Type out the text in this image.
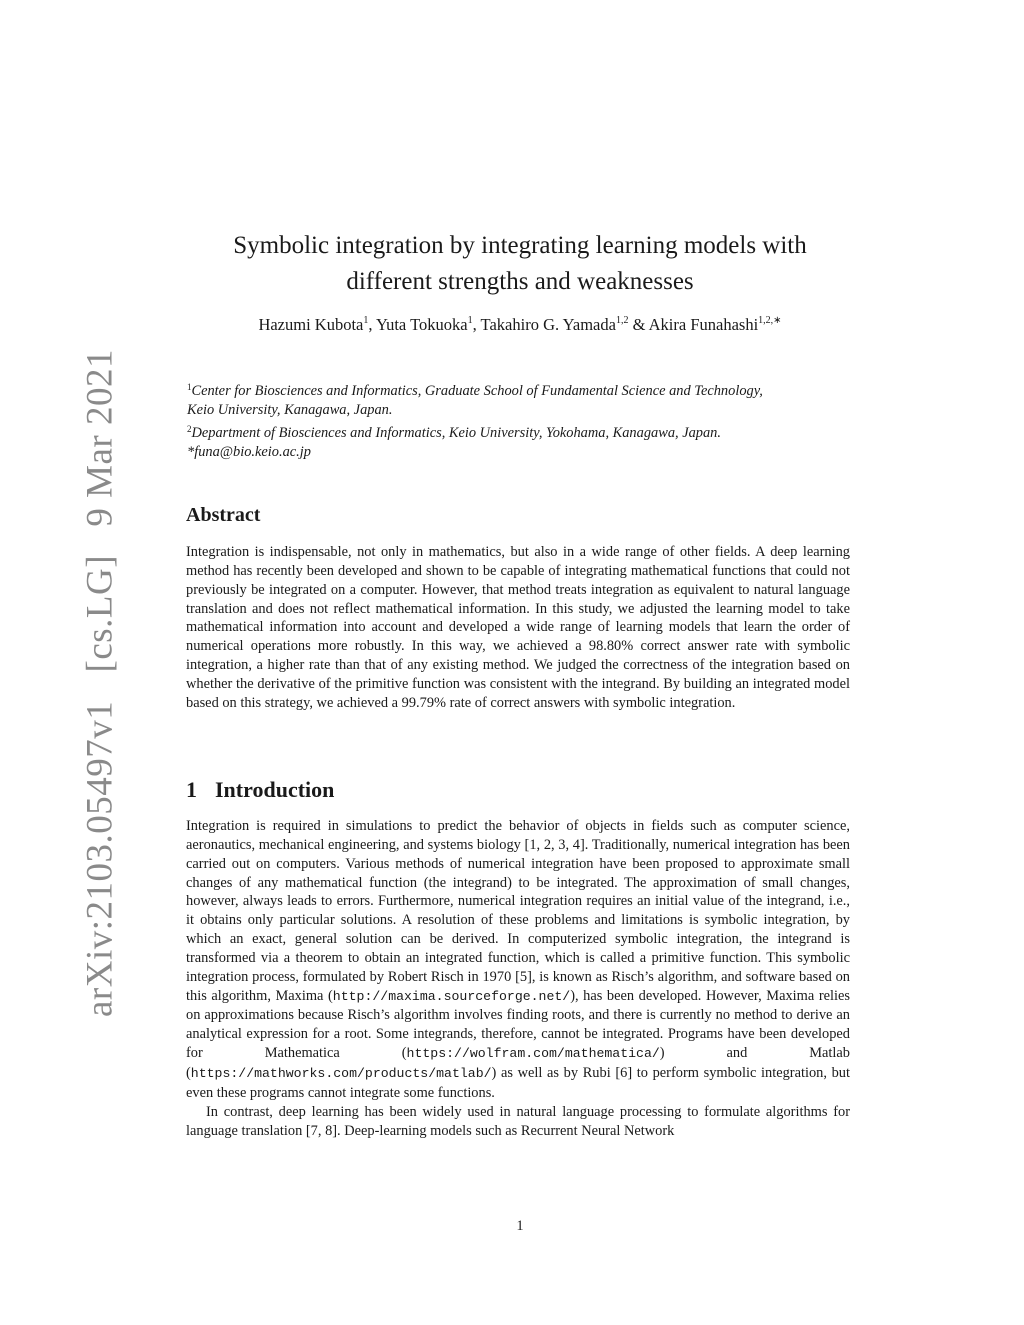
arXiv:2103.05497v1 [cs.LG] 9 Mar 2021
Symbolic integration by integrating learning models with
different strengths and weaknesses
Hazumi Kubota$^1$, Yuta Tokuoka$^1$, Takahiro G. Yamada$^{1,2}$ & Akira Funahashi$^{1,2,∗}$
$^1$Center for Biosciences and Informatics, Graduate School of Fundamental Science and Technology,
Keio University, Kanagawa, Japan.
$^2$Department of Biosciences and Informatics, Keio University, Yokohama, Kanagawa, Japan.
*funa@bio.keio.ac.jp
Abstract

Integration is indispensable, not only in mathematics, but also in a wide range of other fields. A deep learning method has recently been developed and shown to be capable of integrating mathematical functions that could not previously be integrated on a computer. However, that method treats integration as equivalent to natural language translation and does not reflect mathematical information. In this study, we adjusted the learning model to take mathematical information into account and developed a wide range of learning models that learn the order of numerical operations more robustly. In this way, we achieved a 98.80% correct answer rate with symbolic integration, a higher rate than that of any existing method. We judged the correctness of the integration based on whether the derivative of the primitive function was consistent with the integrand. By building an integrated model based on this strategy, we achieved a 99.79% rate of correct answers with symbolic integration.

1 Introduction

Integration is required in simulations to predict the behavior of objects in fields such as computer science, aeronautics, mechanical engineering, and systems biology [1, 2, 3, 4]. Traditionally, numerical integration has been carried out on computers. Various methods of numerical integration have been proposed to approximate small changes of any mathematical function (the integrand) to be integrated. The approximation of small changes, however, always leads to errors. Furthermore, numerical integration requires an initial value of the integrand, i.e., it obtains only particular solutions. A resolution of these problems and limitations is symbolic integration, by which an exact, general solution can be derived. In computerized symbolic integration, the integrand is transformed via a theorem to obtain an integrated function, which is called a primitive function. This symbolic integration process, formulated by Robert Risch in 1970 [5], is known as Risch’s algorithm, and software based on this algorithm, Maxima (http://maxima.sourceforge.net/), has been developed. However, Maxima relies on approximations because Risch’s algorithm involves finding roots, and there is currently no method to derive an analytical expression for a root. Some integrands, therefore, cannot be integrated. Programs have been developed for Mathematica (https://wolfram.com/mathematica/) and Matlab (https://mathworks.com/products/matlab/) as well as by Rubi [6] to perform symbolic integration, but even these programs cannot integrate some functions.

In contrast, deep learning has been widely used in natural language processing to formulate algorithms for language translation [7, 8]. Deep-learning models such as Recurrent Neural Network

1
